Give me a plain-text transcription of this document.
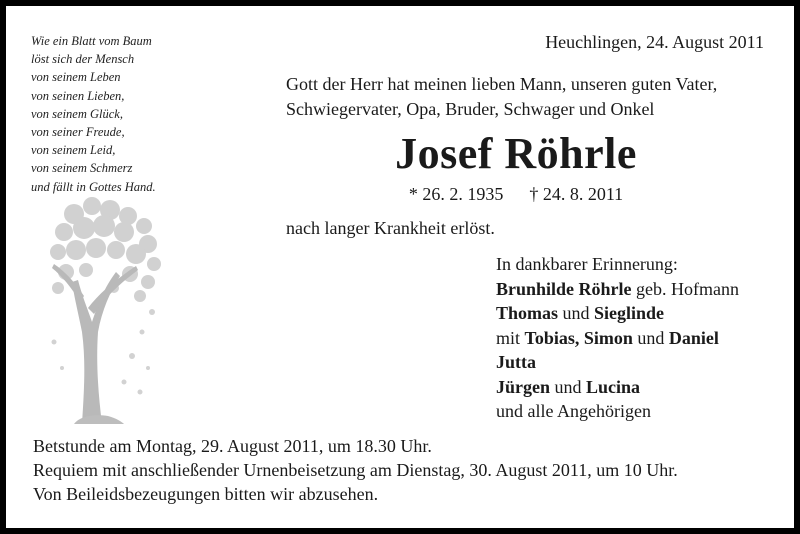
Wie ein Blatt vom Baum
löst sich der Mensch
von seinem Leben
von seinen Lieben,
von seinem Glück,
von seiner Freude,
von seinem Leid,
von seinem Schmerz
und fällt in Gottes Hand.
Heuchlingen, 24. August 2011
Gott der Herr hat meinen lieben Mann, unseren guten Vater,
Schwiegervater, Opa, Bruder, Schwager und Onkel
Josef Röhrle
* 26. 2. 1935 † 24. 8. 2011
nach langer Krankheit erlöst.
In dankbarer Erinnerung:
Brunhilde Röhrle geb. Hofmann
Thomas und Sieglinde
mit Tobias, Simon und Daniel
Jutta
Jürgen und Lucina
und alle Angehörigen
Betstunde am Montag, 29. August 2011, um 18.30 Uhr.
Requiem mit anschließender Urnenbeisetzung am Dienstag, 30. August 2011, um 10 Uhr.
Von Beileidsbezeugungen bitten wir abzusehen.
